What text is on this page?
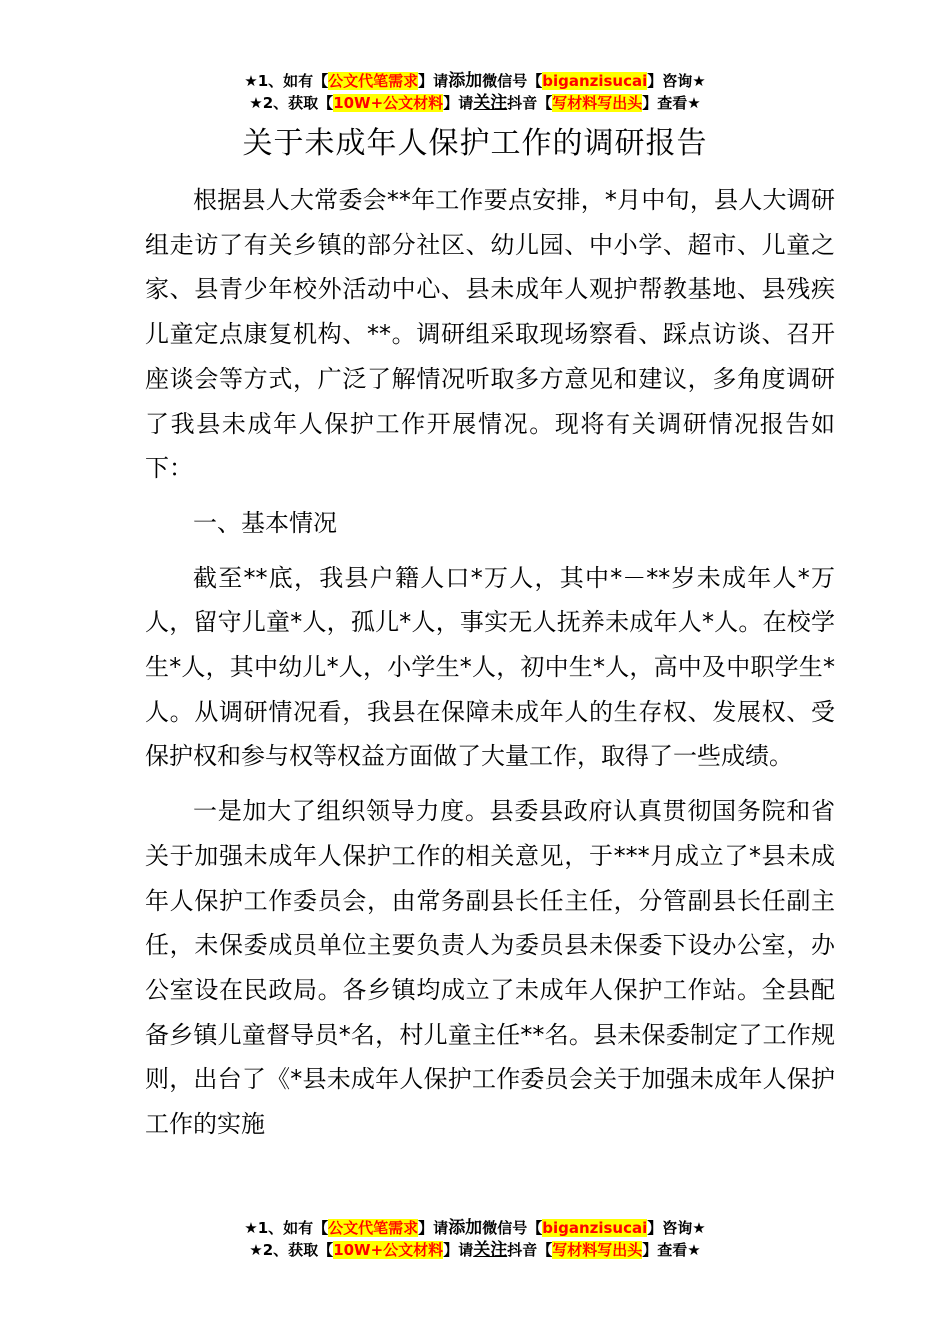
★1、如有【公文代笔需求】请添加微信号【biganzisucai】咨询★
★2、获取【10W+公文材料】请关注抖音【写材料写出头】查看★
关于未成年人保护工作的调研报告

根据县人大常委会**年工作要点安排，*月中旬，县人大调研组走访了有关乡镇的部分社区、幼儿园、中小学、超市、儿童之家、县青少年校外活动中心、县未成年人观护帮教基地、县残疾儿童定点康复机构、**。调研组采取现场察看、踩点访谈、召开座谈会等方式，广泛了解情况听取多方意见和建议，多角度调研了我县未成年人保护工作开展情况。现将有关调研情况报告如下：

一、基本情况

截至**底，我县户籍人口*万人，其中*－**岁未成年人*万人，留守儿童*人，孤儿*人，事实无人抚养未成年人*人。在校学生*人，其中幼儿*人，小学生*人，初中生*人，高中及中职学生*人。从调研情况看，我县在保障未成年人的生存权、发展权、受保护权和参与权等权益方面做了大量工作，取得了一些成绩。

一是加大了组织领导力度。县委县政府认真贯彻国务院和省关于加强未成年人保护工作的相关意见，于***月成立了*县未成年人保护工作委员会，由常务副县长任主任，分管副县长任副主任，未保委成员单位主要负责人为委员县未保委下设办公室，办公室设在民政局。各乡镇均成立了未成年人保护工作站。全县配备乡镇儿童督导员*名，村儿童主任**名。县未保委制定了工作规则，出台了《*县未成年人保护工作委员会关于加强未成年人保护工作的实施

★1、如有【公文代笔需求】请添加微信号【biganzisucai】咨询★
★2、获取【10W+公文材料】请关注抖音【写材料写出头】查看★
